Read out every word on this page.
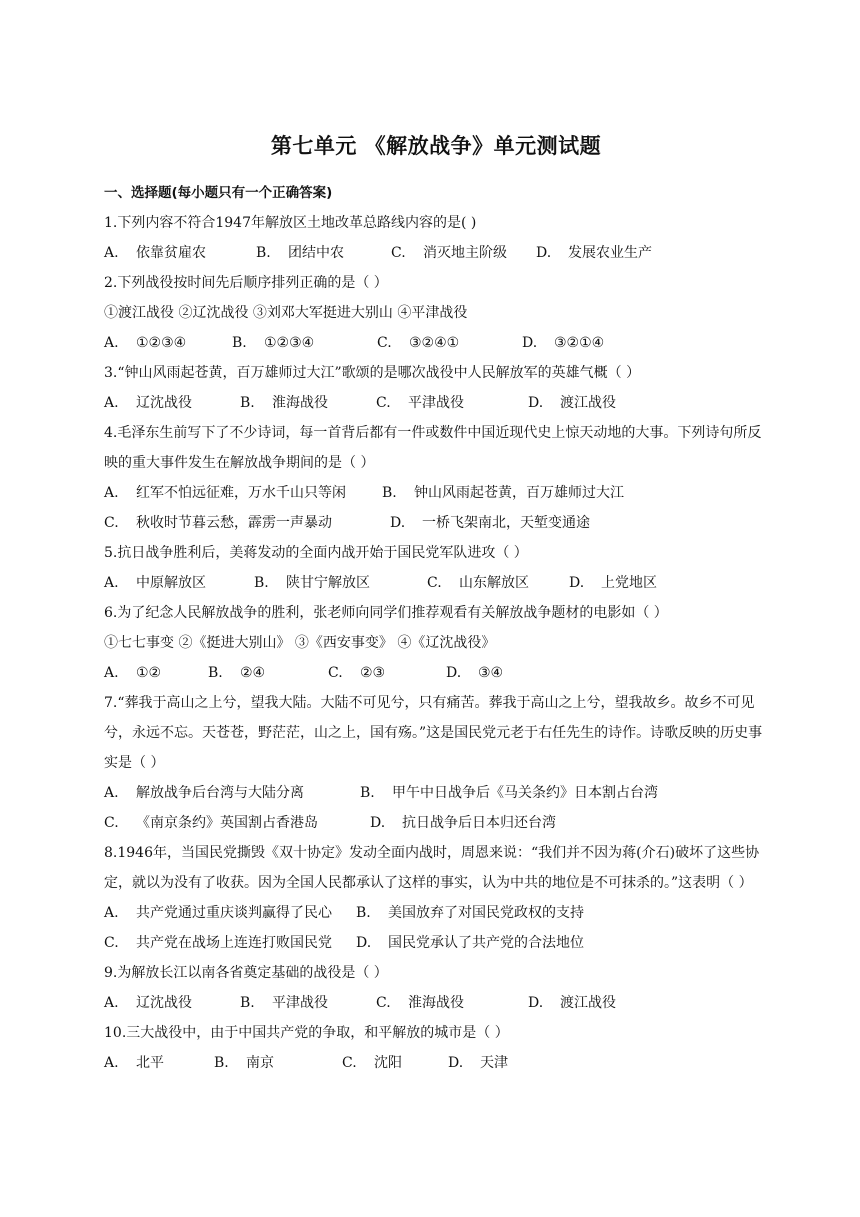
第七单元 《解放战争》单元测试题
一、选择题(每小题只有一个正确答案)
1.下列内容不符合1947年解放区土地改革总路线内容的是( )
A. 依靠贫雇农	B. 团结中农	C. 消灭地主阶级	D. 发展农业生产
2.下列战役按时间先后顺序排列正确的是（ ）
①渡江战役 ②辽沈战役 ③刘邓大军挺进大别山 ④平津战役
A. ①②③④	B. ①②③④	C. ③②④①	D. ③②①④
3.“钟山风雨起苍黄，百万雄师过大江”歌颂的是哪次战役中人民解放军的英雄气概（ ）
A. 辽沈战役	B. 淮海战役	C. 平津战役	D. 渡江战役
4.毛泽东生前写下了不少诗词，每一首背后都有一件或数件中国近现代史上惊天动地的大事。下列诗句所反映的重大事件发生在解放战争期间的是（ ）
A. 红军不怕远征难，万水千山只等闲	B. 钟山风雨起苍黄，百万雄师过大江
C. 秋收时节暮云愁，霹雳一声暴动	D. 一桥飞架南北，天堑变通途
5.抗日战争胜利后，美蒋发动的全面内战开始于国民党军队进攻（ ）
A. 中原解放区	B. 陕甘宁解放区	C. 山东解放区	D. 上党地区
6.为了纪念人民解放战争的胜利，张老师向同学们推荐观看有关解放战争题材的电影如（ ）
①七七事变 ②《挺进大别山》 ③《西安事变》 ④《辽沈战役》
A. ①②	B. ②④	C. ②③	D. ③④
7.“葬我于高山之上兮，望我大陆。大陆不可见兮，只有痛苦。葬我于高山之上兮，望我故乡。故乡不可见兮，永远不忘。天苍苍，野茫茫，山之上，国有殇。”这是国民党元老于右任先生的诗作。诗歌反映的历史事实是（ ）
A. 解放战争后台湾与大陆分离	B. 甲午中日战争后《马关条约》日本割占台湾
C. 《南京条约》英国割占香港岛	D. 抗日战争后日本归还台湾
8.1946年，当国民党撕毁《双十协定》发动全面内战时，周恩来说：“我们并不因为蒋(介石)破坏了这些协定，就以为没有了收获。因为全国人民都承认了这样的事实，认为中共的地位是不可抹杀的。”这表明（ ）
A. 共产党通过重庆谈判赢得了民心	B. 美国放弃了对国民党政权的支持
C. 共产党在战场上连连打败国民党	D. 国民党承认了共产党的合法地位
9.为解放长江以南各省奠定基础的战役是（ ）
A. 辽沈战役	B. 平津战役	C. 淮海战役	D. 渡江战役
10.三大战役中，由于中国共产党的争取，和平解放的城市是（ ）
A. 北平	B. 南京	C. 沈阳	D. 天津
